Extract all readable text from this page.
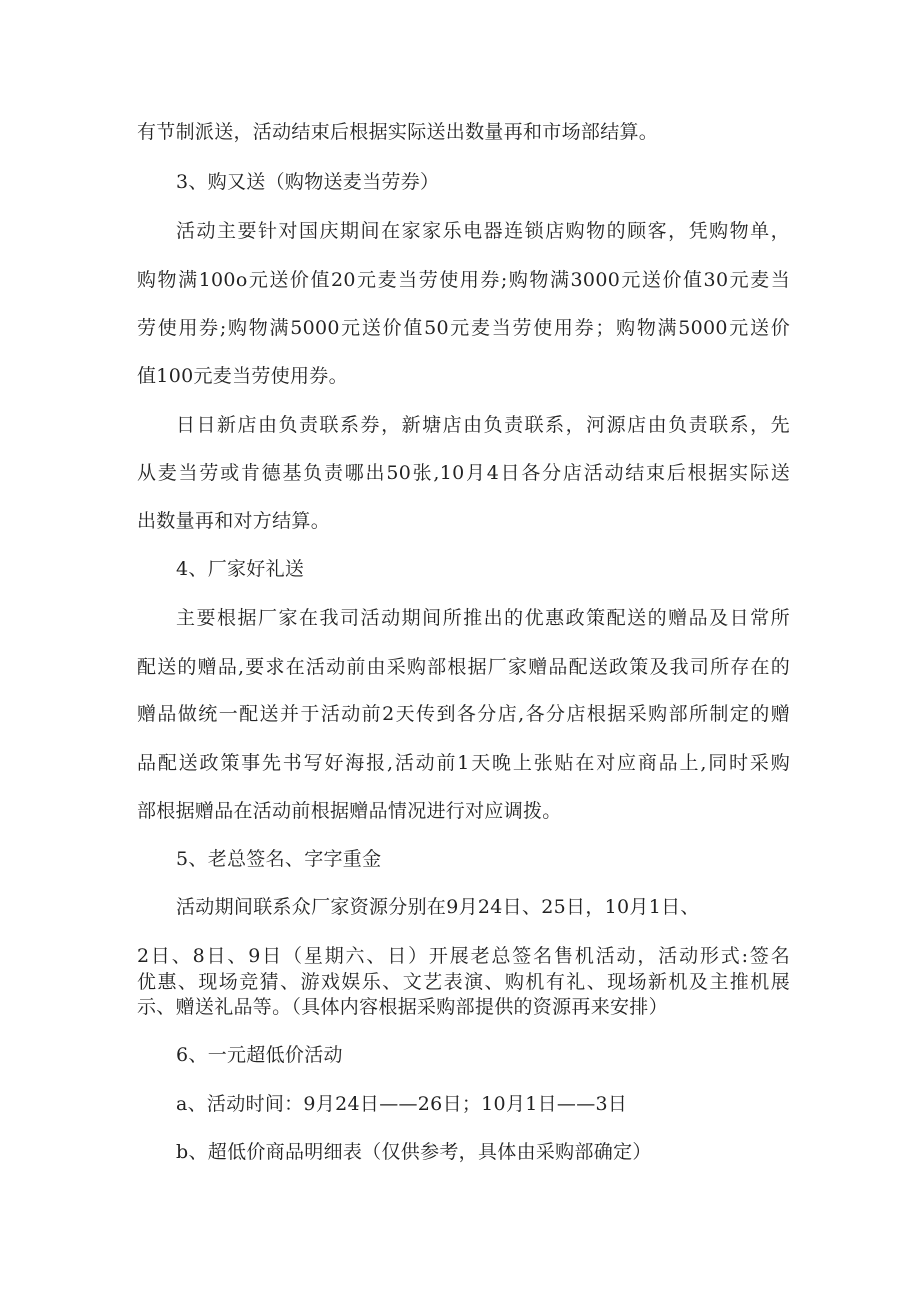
有节制派送，活动结束后根据实际送出数量再和市场部结算。

3、购又送（购物送麦当劳券）

活动主要针对国庆期间在家家乐电器连锁店购物的顾客，凭购物单，

购物满100o元送价值20元麦当劳使用券;购物满3000元送价值30元麦当

劳使用券;购物满5000元送价值50元麦当劳使用券；购物满5000元送价

值100元麦当劳使用券。

日日新店由负责联系券，新塘店由负责联系，河源店由负责联系，先

从麦当劳或肯德基负责哪出50张,10月4日各分店活动结束后根据实际送

出数量再和对方结算。

4、厂家好礼送

主要根据厂家在我司活动期间所推出的优惠政策配送的赠品及日常所

配送的赠品,要求在活动前由采购部根据厂家赠品配送政策及我司所存在的

赠品做统一配送并于活动前2天传到各分店,各分店根据采购部所制定的赠

品配送政策事先书写好海报,活动前1天晚上张贴在对应商品上,同时采购

部根据赠品在活动前根据赠品情况进行对应调拨。

5、老总签名、字字重金

活动期间联系众厂家资源分别在9月24日、25日，10月1日、

2日、8日、9日（星期六、日）开展老总签名售机活动，活动形式:签名

优惠、现场竞猜、游戏娱乐、文艺表演、购机有礼、现场新机及主推机展

示、赠送礼品等。（具体内容根据采购部提供的资源再来安排）

6、一元超低价活动

a、活动时间：9月24日——26日；10月1日——3日

b、超低价商品明细表（仅供参考，具体由采购部确定）
